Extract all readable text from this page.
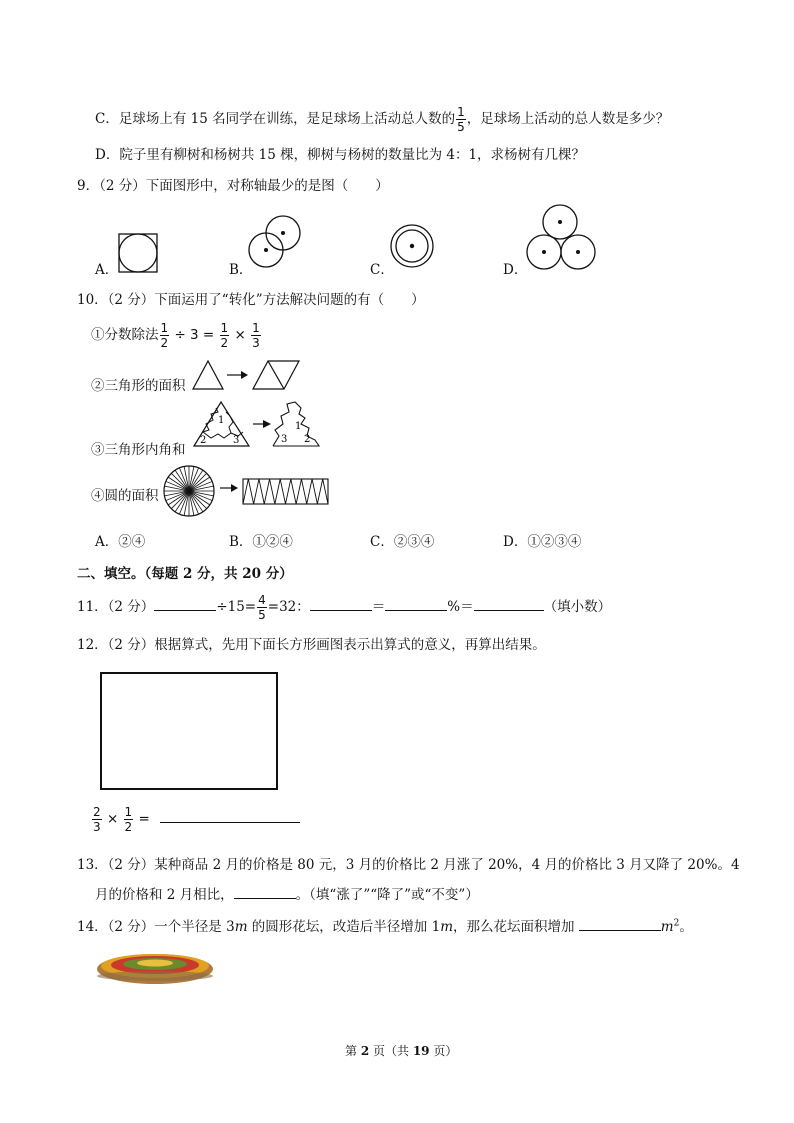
C．足球场上有 15 名同学在训练，是足球场上活动总人数的 $\frac{1}{5}$ ，足球场上活动的总人数是多少？
D．院子里有柳树和杨树共 15 棵，柳树与杨树的数量比为 4：1，求杨树有几棵？
9．（2 分）下面图形中，对称轴最少的是图（　　）
A．	B．	C．	D．
10．（2 分）下面运用了“转化”方法解决问题的有（　　）
①分数除法 $\frac{1}{2} \div 3 = \frac{1}{2} \times \frac{1}{3}$
②三角形的面积
③三角形内角和
1
2	3	3
1
2
④圆的面积
A．②④	B．①②④	C．②③④	D．①②③④
二、填空。（每题 2 分，共 20 分）
11．（2 分）	$\div 15= \frac{4}{5} =32$：	＝	%＝	（填小数）
12．（2 分）根据算式，先用下面长方形画图表示出算式的意义，再算出结果。
$\frac{2}{3} \times \frac{1}{2}$ =
13．（2 分）某种商品 2 月的价格是 80 元，3 月的价格比 2 月涨了 20%，4 月的价格比 3 月又降了 20%。4
月的价格和 2 月相比，	。（填“涨了”“降了”或“不变”）
14．（2 分）一个半径是 3m 的圆形花坛，改造后半径增加 1m，那么花坛面积增加	$m^2$。
第 2 页（共 19 页）
